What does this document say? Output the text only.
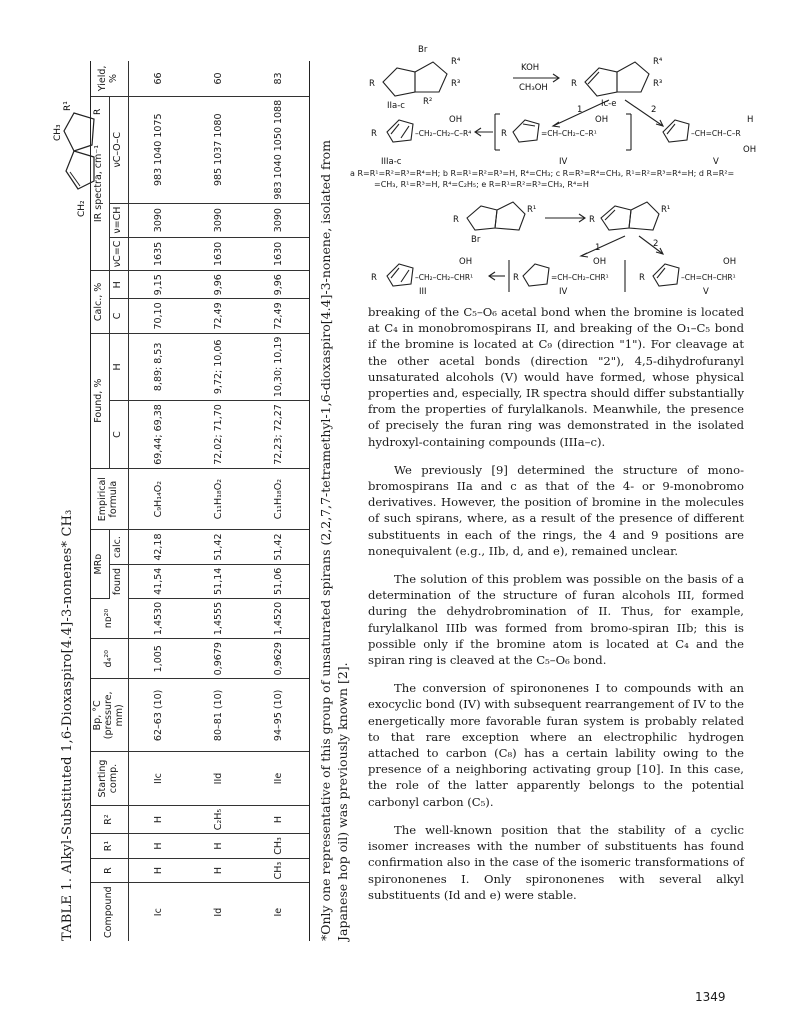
TABLE 1. Alkyl-Substituted 1,6-Dioxaspiro[4.4]-3-nonenes* CH₃
CH₂
CH₃
R¹
R
Compound	R	R¹	R²	Starting comp.	Bp, °C (pressure, mm)	d₄²⁰	nᴅ²⁰	MRᴅ		Empirical formula	Found, %		Calc., %		IR spectra, cm⁻¹			Yield, %
								found	calc.		C	H	C	H	νC=C	ν=CH	νC–O–C	
Ic	H	H	H	IIc	62–63 (10)	1,005	1,4530	41,54	42,18	C₉H₁₄O₂	69,44; 69,38	8,89; 8,53	70,10	9,15	1635	3090	983 1040 1075	66
Id	H	H	C₂H₅	IId	80–81 (10)	0,9679	1,4555	51,14	51,42	C₁₁H₁₈O₂	72,02; 71,70	9,72; 10,06	72,49	9,96	1630	3090	985 1037 1080	60
Ie	CH₃	CH₃	H	IIe	94–95 (10)	0,9629	1,4520	51,06	51,42	C₁₁H₁₈O₂	72,23; 72,27	10,30; 10,19	72,49	9,96	1630	3090	983 1040 1050 1088	83
*Only one representative of this group of unsaturated spirans (2,2,7,7-tetramethyl-1,6-dioxaspiro[4.4]-3-nonene, isolated from Japanese hop oil) was previously known [2].
Br
R
R⁴
R³
R²
IIa-c
KOH
CH₃OH	R
R⁴
R³
Ic-e
1	2
R	–CH₂–CH₂–C–R⁴
OH
IIIa-c
R	=CH–CH₂–C–R¹
OH
IV
–CH=CH–C–R
H
OH
V
a R=R¹=R²=R³=R⁴=H; b R=R¹=R²=R³=H, R⁴=CH₃; c R=R³=R⁴=CH₃, R¹=R²=R³=R⁴=H; d R=R²=
=CH₃, R¹=R³=H, R⁴=C₂H₅; e R=R¹=R²=R³=CH₃, R⁴=H
R
R¹
R
R¹
Br
1	2
R	–CH₂–CH₂–CHR¹
OH
III
R	=CH–CH₂–CHR¹
OH
IV
R	–CH=CH–CHR¹
OH
V

breaking of the C₅–O₆ acetal bond when the bromine is located at C₄ in monobromospirans II, and breaking of the O₁–C₅ bond if the bromine is located at C₉ (direction "1"). For cleavage at the other acetal bonds (direction "2"), 4,5-dihydrofuranyl unsaturated alcohols (V) would have formed, whose physical properties and, especially, IR spectra should differ substantially from the properties of furylalkanols. Meanwhile, the presence of precisely the furan ring was demonstrated in the isolated hydroxyl-containing compounds (IIIa–c).

We previously [9] determined the structure of mono-bromospirans IIa and c as that of the 4- or 9-monobromo derivatives. However, the position of bromine in the molecules of such spirans, where, as a result of the presence of different substituents in each of the rings, the 4 and 9 positions are nonequivalent (e.g., IIb, d, and e), remained unclear.

The solution of this problem was possible on the basis of a determination of the structure of furan alcohols III, formed during the dehydrobromination of II. Thus, for example, furylalkanol IIIb was formed from bromo-spiran IIb; this is possible only if the bromine atom is located at C₄ and the spiran ring is cleaved at the C₅–O₆ bond.

The conversion of spirononenes I to compounds with an exocyclic bond (IV) with subsequent rearrangement of IV to the energetically more favorable furan system is probably related to that rare exception where an electrophilic hydrogen attached to carbon (C₈) has a certain lability owing to the presence of a neighboring activating group [10]. In this case, the role of the latter apparently belongs to the potential carbonyl carbon (C₅).

The well-known position that the stability of a cyclic isomer increases with the number of substituents has found confirmation also in the case of the isomeric transformations of spirononenes I. Only spirononenes with several alkyl substituents (Id and e) were stable.

1349
